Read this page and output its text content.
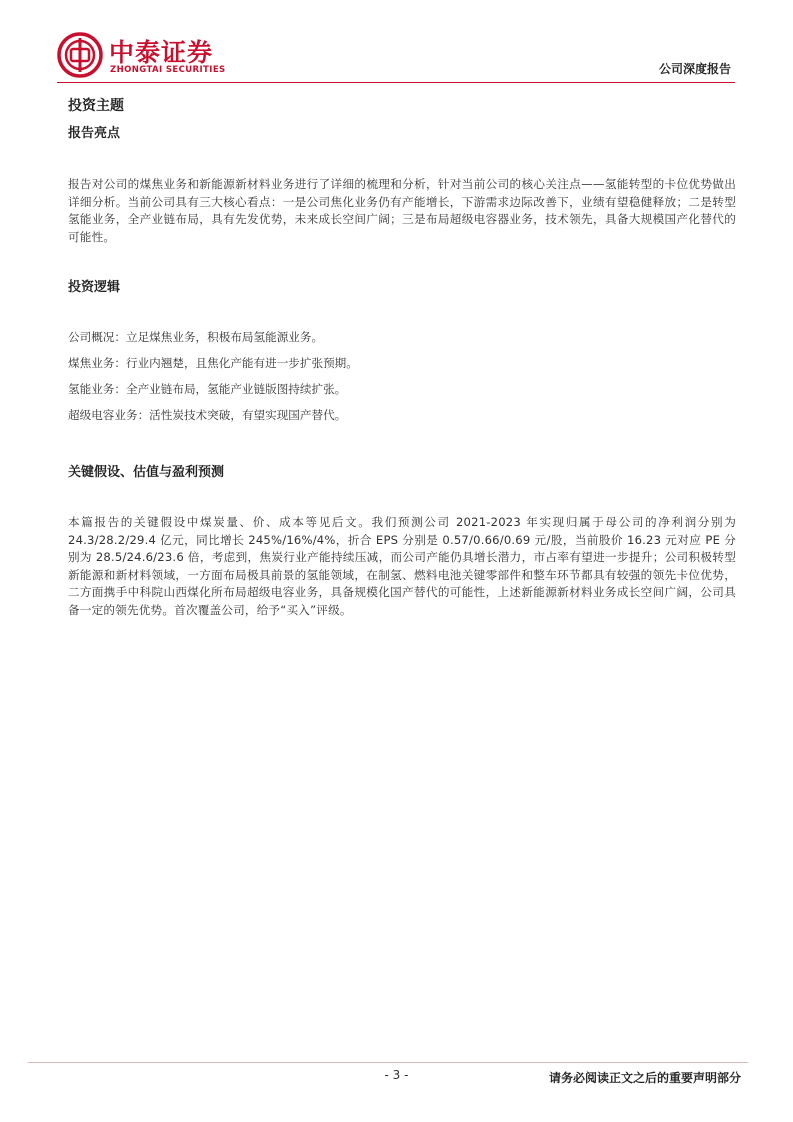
中泰证券
ZHONGTAI SECURITIES	公司深度报告
投资主题
报告亮点
报告对公司的煤焦业务和新能源新材料业务进行了详细的梳理和分析，针对当前公司的核心关注点——氢能转型的卡位优势做出详细分析。当前公司具有三大核心看点：一是公司焦化业务仍有产能增长，下游需求边际改善下，业绩有望稳健释放；二是转型氢能业务，全产业链布局，具有先发优势，未来成长空间广阔；三是布局超级电容器业务，技术领先，具备大规模国产化替代的可能性。
投资逻辑
公司概况：立足煤焦业务，积极布局氢能源业务。
煤焦业务：行业内翘楚，且焦化产能有进一步扩张预期。
氢能业务：全产业链布局，氢能产业链版图持续扩张。
超级电容业务：活性炭技术突破，有望实现国产替代。
关键假设、估值与盈利预测
本篇报告的关键假设中煤炭量、价、成本等见后文。我们预测公司 2021-2023 年实现归属于母公司的净利润分别为 24.3/28.2/29.4 亿元，同比增长 245%/16%/4%，折合 EPS 分别是 0.57/0.66/0.69 元/股，当前股价 16.23 元对应 PE 分别为 28.5/24.6/23.6 倍，考虑到，焦炭行业产能持续压减，而公司产能仍具增长潜力，市占率有望进一步提升；公司积极转型新能源和新材料领域，一方面布局极具前景的氢能领域，在制氢、燃料电池关键零部件和整车环节都具有较强的领先卡位优势，二方面携手中科院山西煤化所布局超级电容业务，具备规模化国产替代的可能性，上述新能源新材料业务成长空间广阔，公司具备一定的领先优势。首次覆盖公司，给予“买入”评级。
- 3 -	请务必阅读正文之后的重要声明部分
